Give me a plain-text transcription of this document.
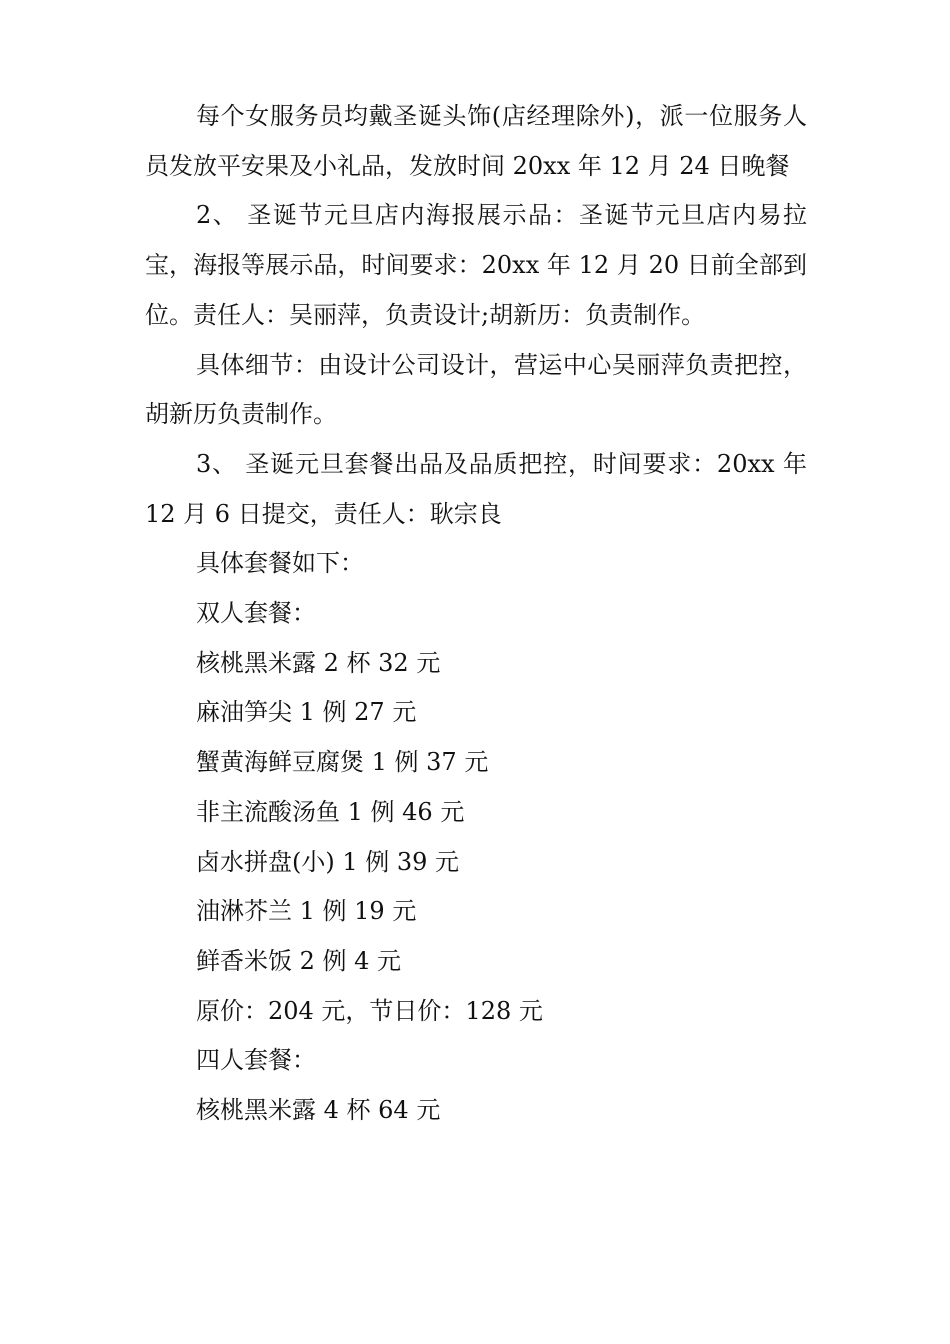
每个女服务员均戴圣诞头饰(店经理除外)，派一位服务人员发放平安果及小礼品，发放时间 20xx 年 12 月 24 日晚餐

2、 圣诞节元旦店内海报展示品：圣诞节元旦店内易拉宝，海报等展示品，时间要求：20xx 年 12 月 20 日前全部到位。责任人：吴丽萍，负责设计;胡新历：负责制作。

具体细节：由设计公司设计，营运中心吴丽萍负责把控，胡新历负责制作。

3、 圣诞元旦套餐出品及品质把控，时间要求：20xx 年 12 月 6 日提交，责任人：耿宗良

具体套餐如下：

双人套餐：

核桃黑米露 2 杯 32 元

麻油笋尖 1 例 27 元

蟹黄海鲜豆腐煲 1 例 37 元

非主流酸汤鱼 1 例 46 元

卤水拼盘(小) 1 例 39 元

油淋芥兰 1 例 19 元

鲜香米饭 2 例 4 元

原价：204 元，节日价：128 元

四人套餐：

核桃黑米露 4 杯 64 元
